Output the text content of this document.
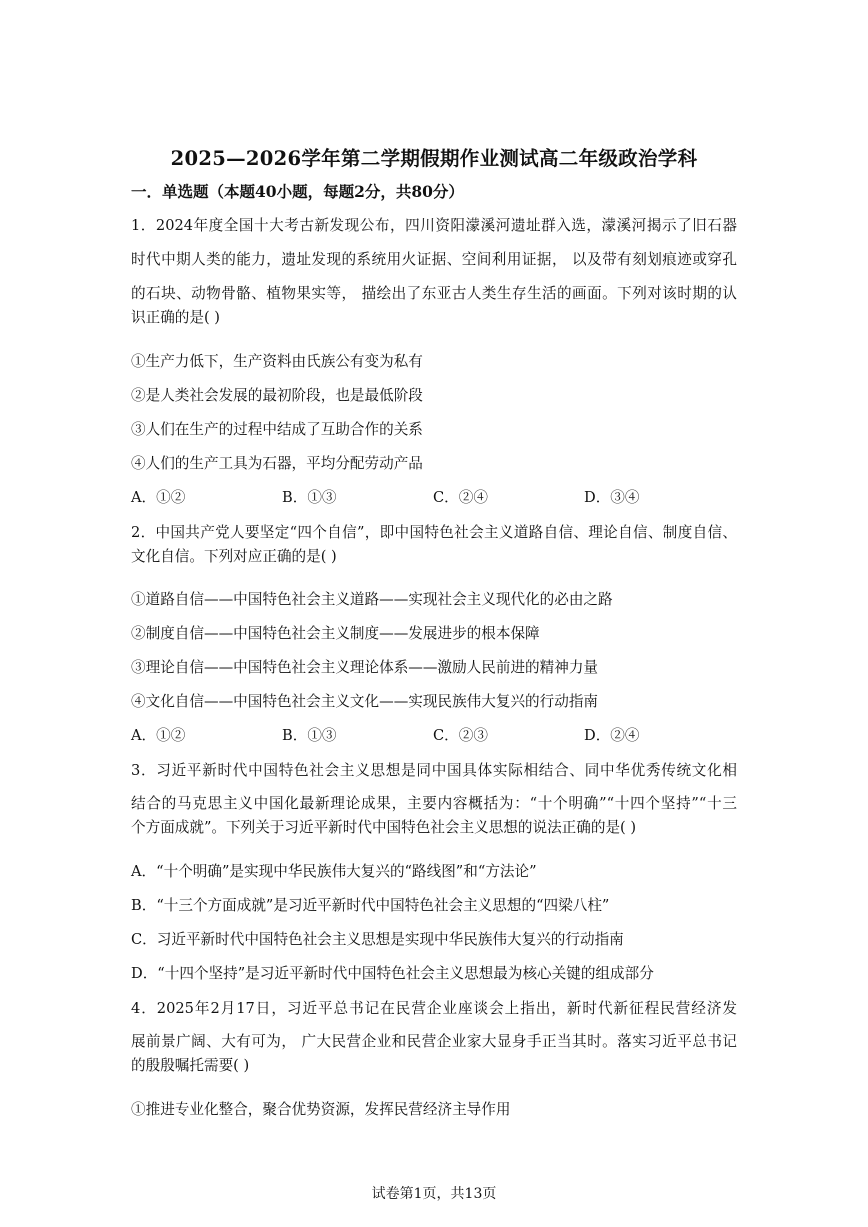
2025—2026学年第二学期假期作业测试高二年级政治学科
一．单选题（本题40小题，每题2分，共80分）
1．2024年度全国十大考古新发现公布，四川资阳濛溪河遗址群入选，濛溪河揭示了旧石器
时代中期人类的能力，遗址发现的系统用火证据、空间利用证据， 以及带有刻划痕迹或穿孔
的石块、动物骨骼、植物果实等， 描绘出了东亚古人类生存生活的画面。下列对该时期的认
识正确的是( )
①生产力低下，生产资料由氏族公有变为私有
②是人类社会发展的最初阶段，也是最低阶段
③人们在生产的过程中结成了互助合作的关系
④人们的生产工具为石器，平均分配劳动产品
A．①②	B．①③	C．②④	D．③④
2．中国共产党人要坚定“四个自信”，即中国特色社会主义道路自信、理论自信、制度自信、
文化自信。下列对应正确的是( )
①道路自信——中国特色社会主义道路——实现社会主义现代化的必由之路
②制度自信——中国特色社会主义制度——发展进步的根本保障
③理论自信——中国特色社会主义理论体系——激励人民前进的精神力量
④文化自信——中国特色社会主义文化——实现民族伟大复兴的行动指南
A．①②	B．①③	C．②③	D．②④
3．习近平新时代中国特色社会主义思想是同中国具体实际相结合、同中华优秀传统文化相
结合的马克思主义中国化最新理论成果，主要内容概括为：“十个明确”“十四个坚持”“十三
个方面成就”。下列关于习近平新时代中国特色社会主义思想的说法正确的是( )
A．“十个明确”是实现中华民族伟大复兴的“路线图”和“方法论”
B．“十三个方面成就”是习近平新时代中国特色社会主义思想的“四梁八柱”
C．习近平新时代中国特色社会主义思想是实现中华民族伟大复兴的行动指南
D．“十四个坚持”是习近平新时代中国特色社会主义思想最为核心关键的组成部分
4．2025年2月17日，习近平总书记在民营企业座谈会上指出，新时代新征程民营经济发
展前景广阔、大有可为， 广大民营企业和民营企业家大显身手正当其时。落实习近平总书记
的殷殷嘱托需要( )
①推进专业化整合，聚合优势资源，发挥民营经济主导作用
试卷第1页，共13页
